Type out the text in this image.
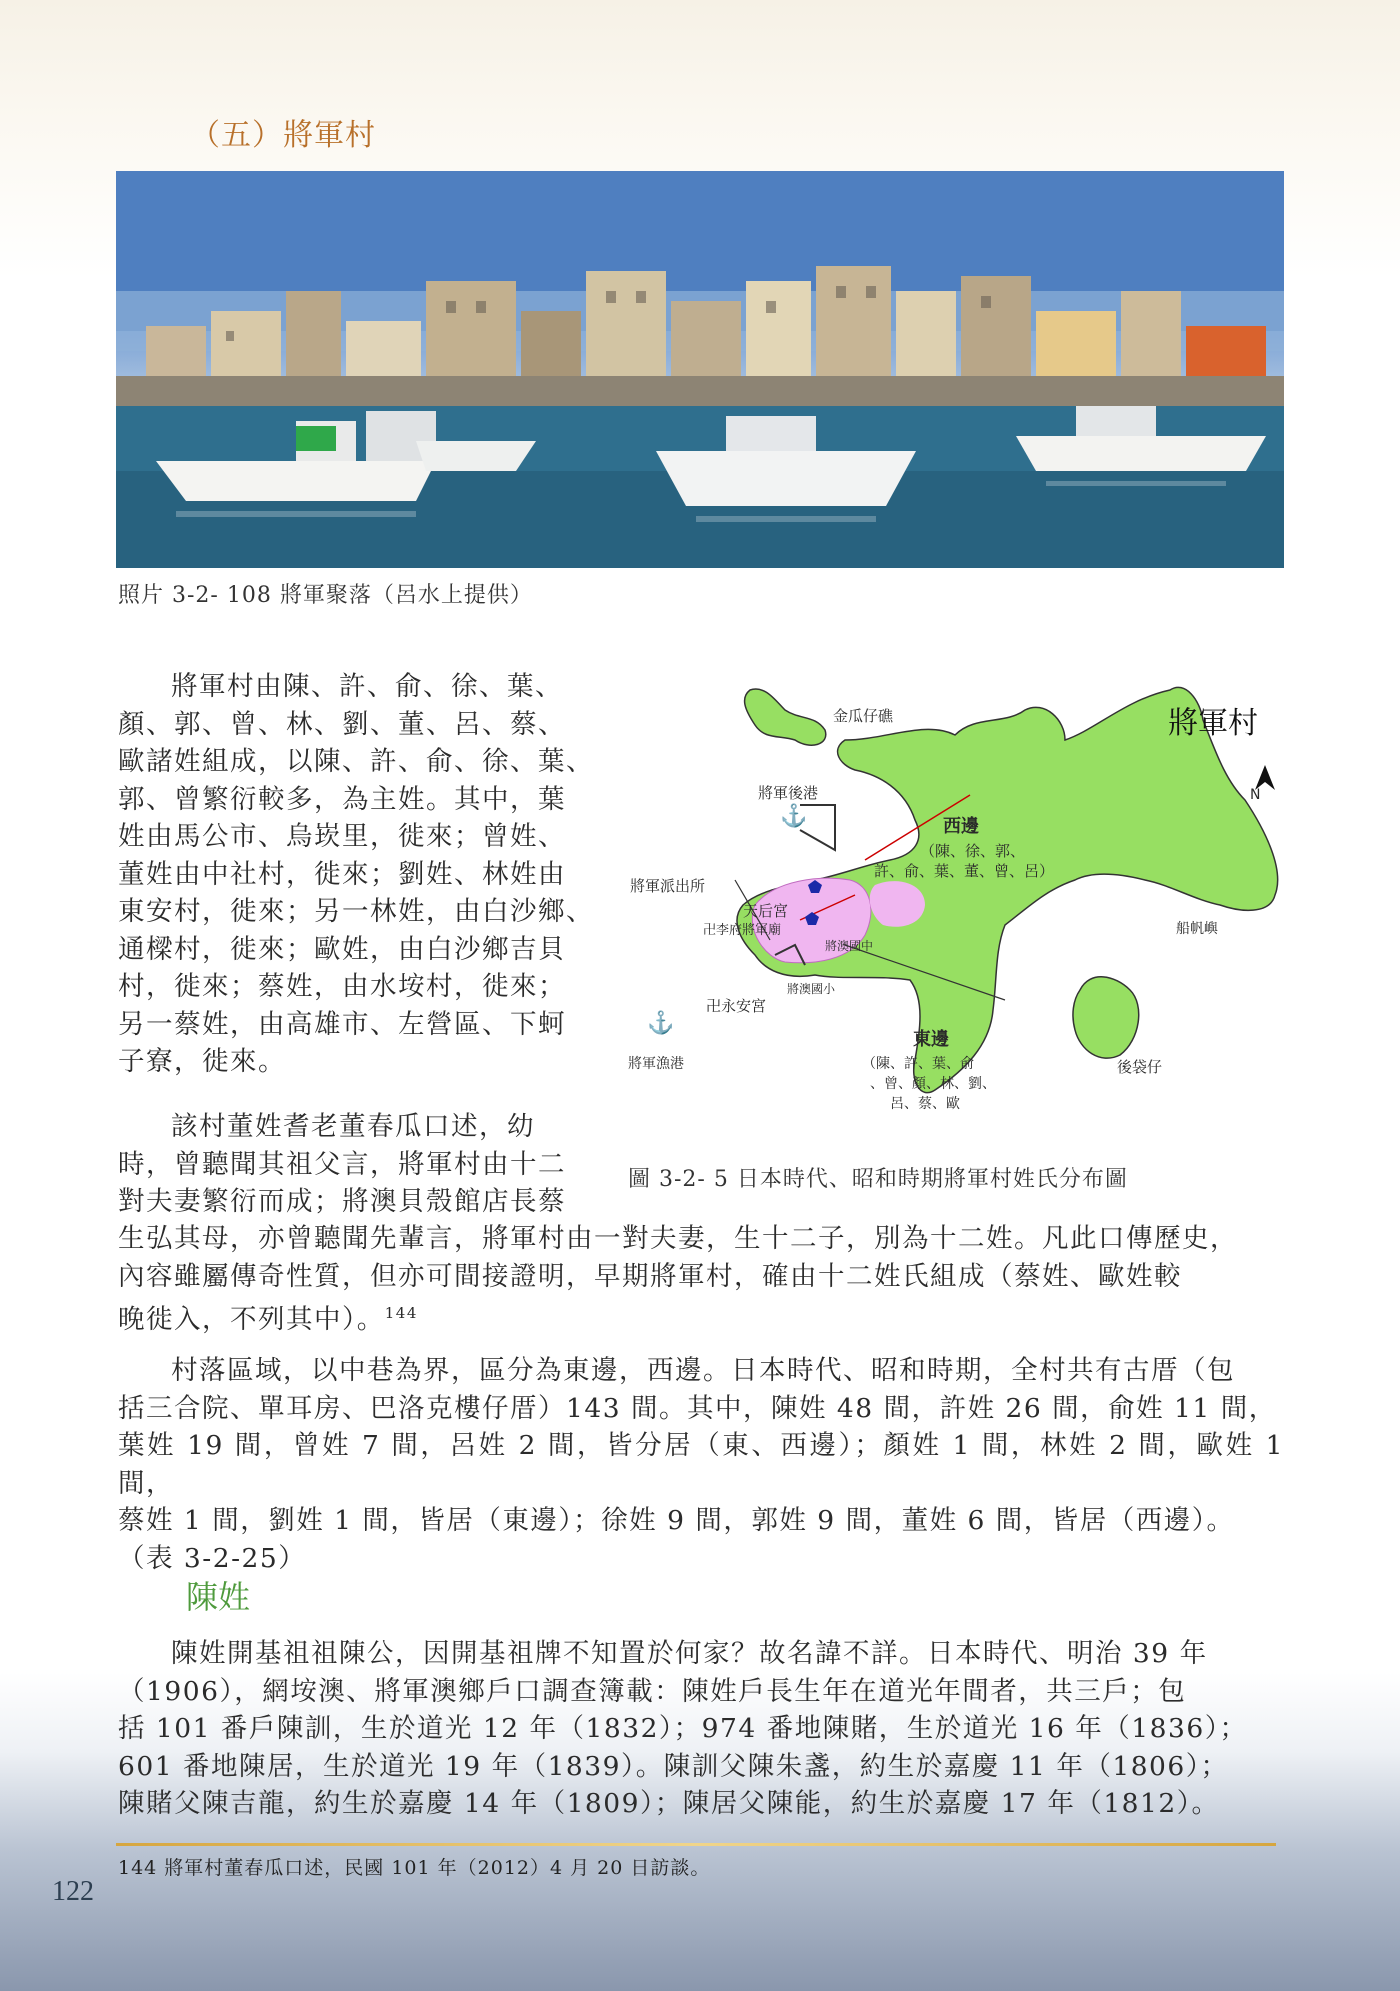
（五）將軍村
照片 3-2- 108 將軍聚落（呂水上提供）
將軍村由陳、許、俞、徐、葉、
顏、郭、曾、林、劉、董、呂、蔡、
歐諸姓組成，以陳、許、俞、徐、葉、
郭、曾繁衍較多，為主姓。其中，葉
姓由馬公市、烏崁里，徙來；曾姓、
董姓由中社村，徙來；劉姓、林姓由
東安村，徙來；另一林姓，由白沙鄉、
通樑村，徙來；歐姓，由白沙鄉吉貝
村，徙來；蔡姓，由水垵村，徙來；
另一蔡姓，由高雄市、左營區、下蚵
子寮，徙來。
該村董姓耆老董春瓜口述，幼
時，曾聽聞其祖父言，將軍村由十二
對夫妻繁衍而成；將澳貝殼館店長蔡
⚓
⚓
將軍村
N
金瓜仔礁
將軍後港
西邊
（陳、徐、郭、
許、俞、葉、董、曾、呂）
將軍派出所
天后宮
卍李府將軍廟
將澳國中
將澳國小
卍永安宮
將軍漁港
船帆嶼
東邊
（陳、許、葉、俞
、曾、顏、林、劉、
呂、蔡、歐
後袋仔
圖 3-2- 5 日本時代、昭和時期將軍村姓氏分布圖
生弘其母，亦曾聽聞先輩言，將軍村由一對夫妻，生十二子，別為十二姓。凡此口傳歷史，
內容雖屬傳奇性質，但亦可間接證明，早期將軍村，確由十二姓氏組成（蔡姓、歐姓較
晚徙入，不列其中）。$^{144}$
村落區域，以中巷為界，區分為東邊，西邊。日本時代、昭和時期，全村共有古厝（包
括三合院、單耳房、巴洛克樓仔厝）143 間。其中，陳姓 48 間，許姓 26 間，俞姓 11 間，
葉姓 19 間，曾姓 7 間，呂姓 2 間，皆分居（東、西邊）；顏姓 1 間，林姓 2 間，歐姓 1 間，
蔡姓 1 間，劉姓 1 間，皆居（東邊）；徐姓 9 間，郭姓 9 間，董姓 6 間，皆居（西邊）。
（表 3-2-25）
陳姓
陳姓開基祖祖陳公，因開基祖牌不知置於何家？故名諱不詳。日本時代、明治 39 年
（1906），網垵澳、將軍澳鄉戶口調查簿載：陳姓戶長生年在道光年間者，共三戶；包
括 101 番戶陳訓，生於道光 12 年（1832）；974 番地陳賭，生於道光 16 年（1836）；
601 番地陳居，生於道光 19 年（1839）。陳訓父陳朱盞，約生於嘉慶 11 年（1806）；
陳賭父陳吉龍，約生於嘉慶 14 年（1809）；陳居父陳能，約生於嘉慶 17 年（1812）。
144 將軍村董春瓜口述，民國 101 年（2012）4 月 20 日訪談。
122
